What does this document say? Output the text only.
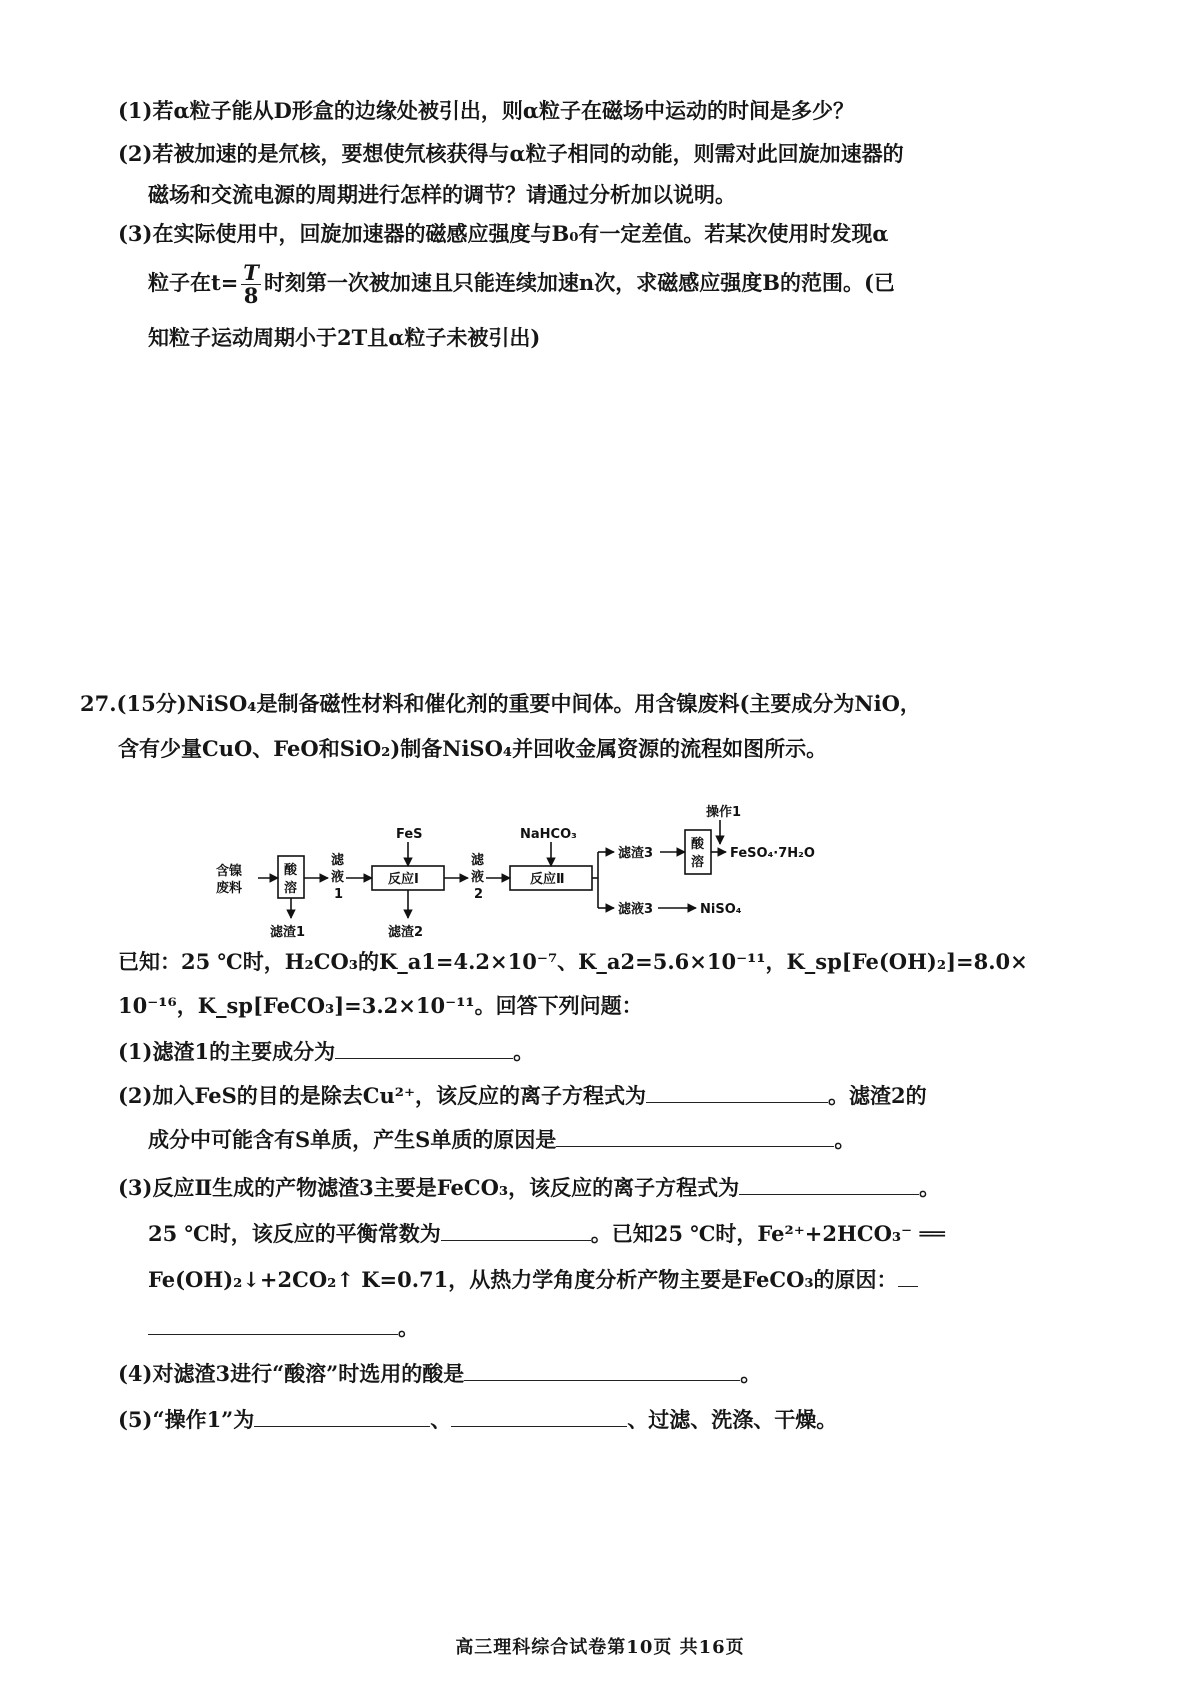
(1)若α粒子能从D形盒的边缘处被引出，则α粒子在磁场中运动的时间是多少？
(2)若被加速的是氘核，要想使氘核获得与α粒子相同的动能，则需对此回旋加速器的
磁场和交流电源的周期进行怎样的调节？请通过分析加以说明。
(3)在实际使用中，回旋加速器的磁感应强度与B₀有一定差值。若某次使用时发现α
粒子在$t= \frac{T}{8}$ 时刻第一次被加速且只能连续加速n次，求磁感应强度B的范围。(已
知粒子运动周期小于2T且α粒子未被引出)
27.(15分)NiSO₄是制备磁性材料和催化剂的重要中间体。用含镍废料(主要成分为NiO，
含有少量CuO、FeO和SiO₂)制备NiSO₄并回收金属资源的流程如图所示。
含镍
废料
酸
溶
滤渣1
滤
液
1
FeS
反应Ⅰ
滤渣2
滤
液
2
NaHCO₃
反应Ⅱ
滤渣3
滤液3	NiSO₄
酸
溶
操作1
FeSO₄·7H₂O
已知：25 ℃时，H₂CO₃的K_a1=4.2×10⁻⁷、K_a2=5.6×10⁻¹¹，K_sp[Fe(OH)₂]=8.0×
10⁻¹⁶，K_sp[FeCO₃]=3.2×10⁻¹¹。回答下列问题：
(1)滤渣1的主要成分为	。
(2)加入FeS的目的是除去Cu²⁺，该反应的离子方程式为	。滤渣2的
成分中可能含有S单质，产生S单质的原因是	。
(3)反应Ⅱ生成的产物滤渣3主要是FeCO₃，该反应的离子方程式为	。
25 ℃时，该反应的平衡常数为	。已知25 ℃时，Fe²⁺+2HCO₃⁻ ══
Fe(OH)₂↓+2CO₂↑ K=0.71，从热力学角度分析产物主要是FeCO₃的原因：
。
(4)对滤渣3进行“酸溶”时选用的酸是	。
(5)“操作1”为	、	、过滤、洗涤、干燥。
高三理科综合试卷第10页 共16页
